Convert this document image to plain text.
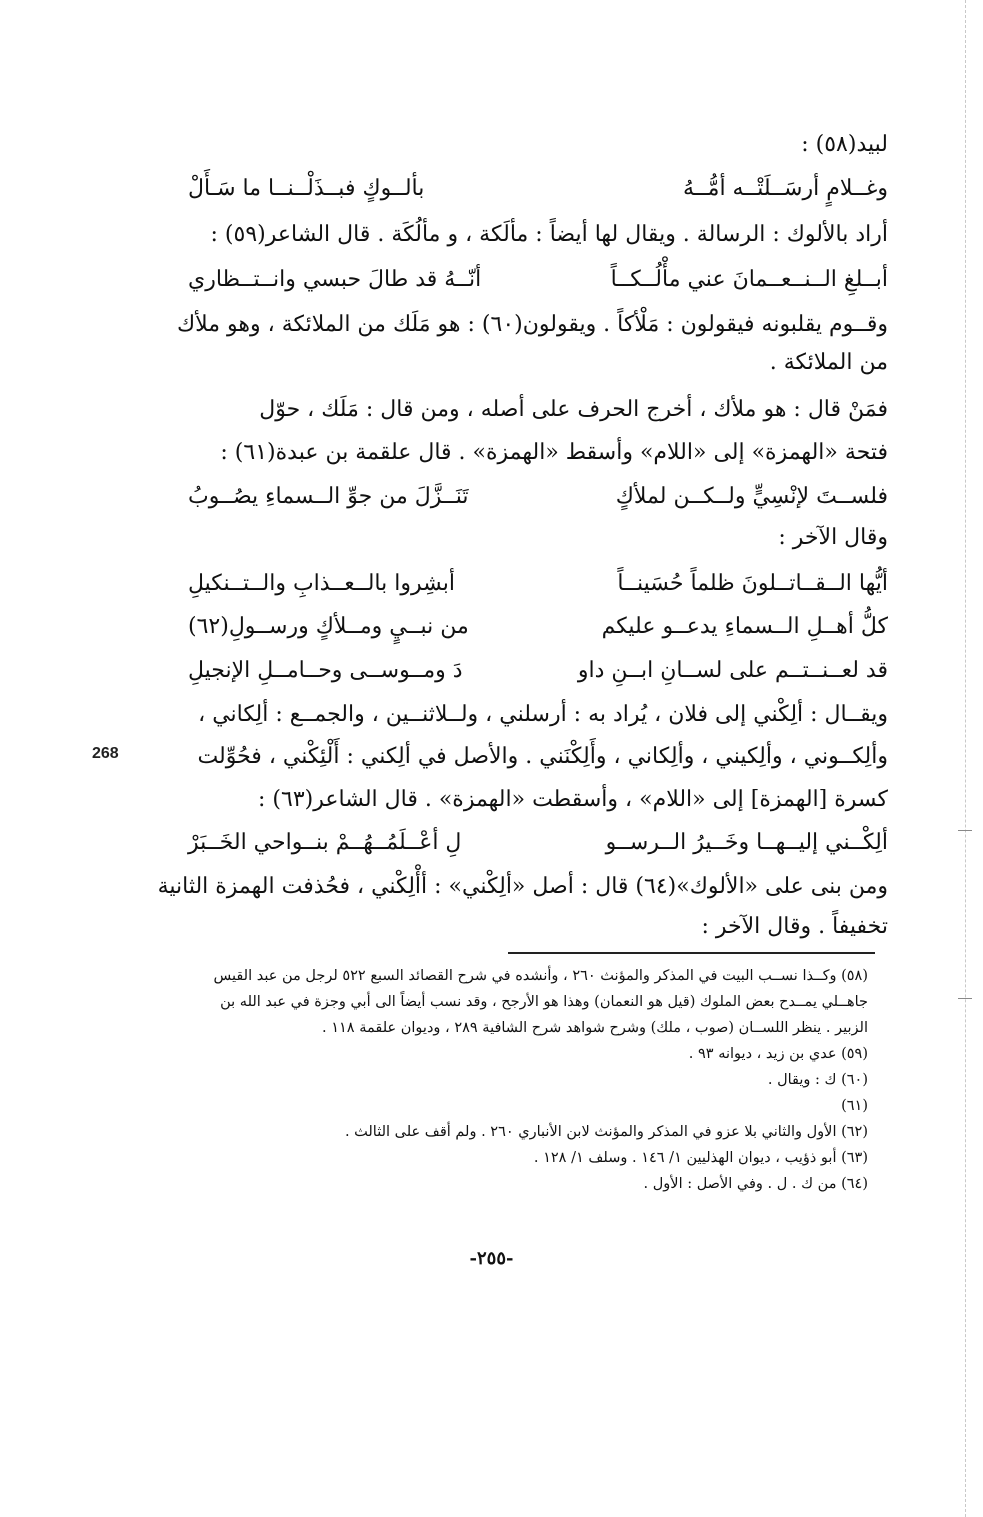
لبيد(٥٨) :
وغــلامٍ أرسَــلَتْــه أمُّــهُ
بألــوكٍ فبــذَلْــنــا ما سَـأَلْ
أراد بالألوك : الرسالة . ويقال لها أيضاً : مألَكة ، و مألُكَة . قال الشاعر(٥٩) :
أبــلغِ الــنــعــمانَ عني مأْلُــكــاً
أنّــهُ قد طالَ حبسي وانــتــظاري
وقــوم يقلبونه فيقولون : مَلْأكاً . ويقولون(٦٠) : هو مَلَك من الملائكة ، وهو ملأك
من الملائكة .
فمَنْ قال : هو ملأك ، أخرج الحرف على أصله ، ومن قال : مَلَك ، حوّل
فتحة «الهمزة» إلى «اللام» وأسقط «الهمزة» . قال علقمة بن عبدة(٦١) :
فلســتَ لإنْسِيٍّ ولــكــن لملأكٍ
تَنَــزَّلَ من جوِّ الــسماءِ يصُــوبُ
وقال الآخر :
أيُّها الــقــاتــلونَ ظلماً حُسَينــاً
أبشِروا بالــعــذابِ والــتــنكيلِ
كلُّ أهــلِ الــسماءِ يدعــو عليكم
من نبــيٍ ومــلأكٍ ورســولِ(٦٢)
قد لعــنــتــم على لســانِ ابــنِ داو
دَ ومــوســى وحــامــلِ الإنجيلِ
ويقــال : ألِكْني إلى فلان ، يُراد به : أرسلني ، ولــلاثنــين ، والجمــع : ألِكاني ،
وألِكــوني ، وألِكيني ، وألِكاني ، وأَلِكْنَني . والأصل في ألِكني : أَلْئِكْني ، فحُوِّلت
كسرة [الهمزة] إلى «اللام» ، وأسقطت «الهمزة» . قال الشاعر(٦٣) :
ألِكْــني إليــهــا وخَــيرُ الــرســو
لِ أعْــلَمُــهُــمْ بنــواحي الخَــبَرْ
ومن بنى على «الألوك»(٦٤) قال : أصل «ألِكْني» : أأْلِكْني ، فحُذفت الهمزة الثانية
تخفيفاً . وقال الآخر :
268
(٥٨) وكــذا نســب البيت في المذكر والمؤنث ٢٦٠ ، وأنشده في شرح القصائد السبع ٥٢٢ لرجل من عبد القيس
جاهــلي يمــدح بعض الملوك (قيل هو النعمان) وهذا هو الأرجح ، وقد نسب أيضاً الى أبي وجزة في عبد الله بن
الزبير . ينظر اللســان (صوب ، ملك) وشرح شواهد شرح الشافية ٢٨٩ ، وديوان علقمة ١١٨ .
(٥٩) عدي بن زيد ، ديوانه ٩٣ .
(٦٠) ك : ويقال .
(٦١)
(٦٢) الأول والثاني بلا عزو في المذكر والمؤنث لابن الأنباري ٢٦٠ . ولم أقف على الثالث .
(٦٣) أبو ذؤيب ، ديوان الهذليين ١/ ١٤٦ . وسلف ١/ ١٢٨ .
(٦٤) من ك . ل . وفي الأصل : الأول .
-٢٥٥-
